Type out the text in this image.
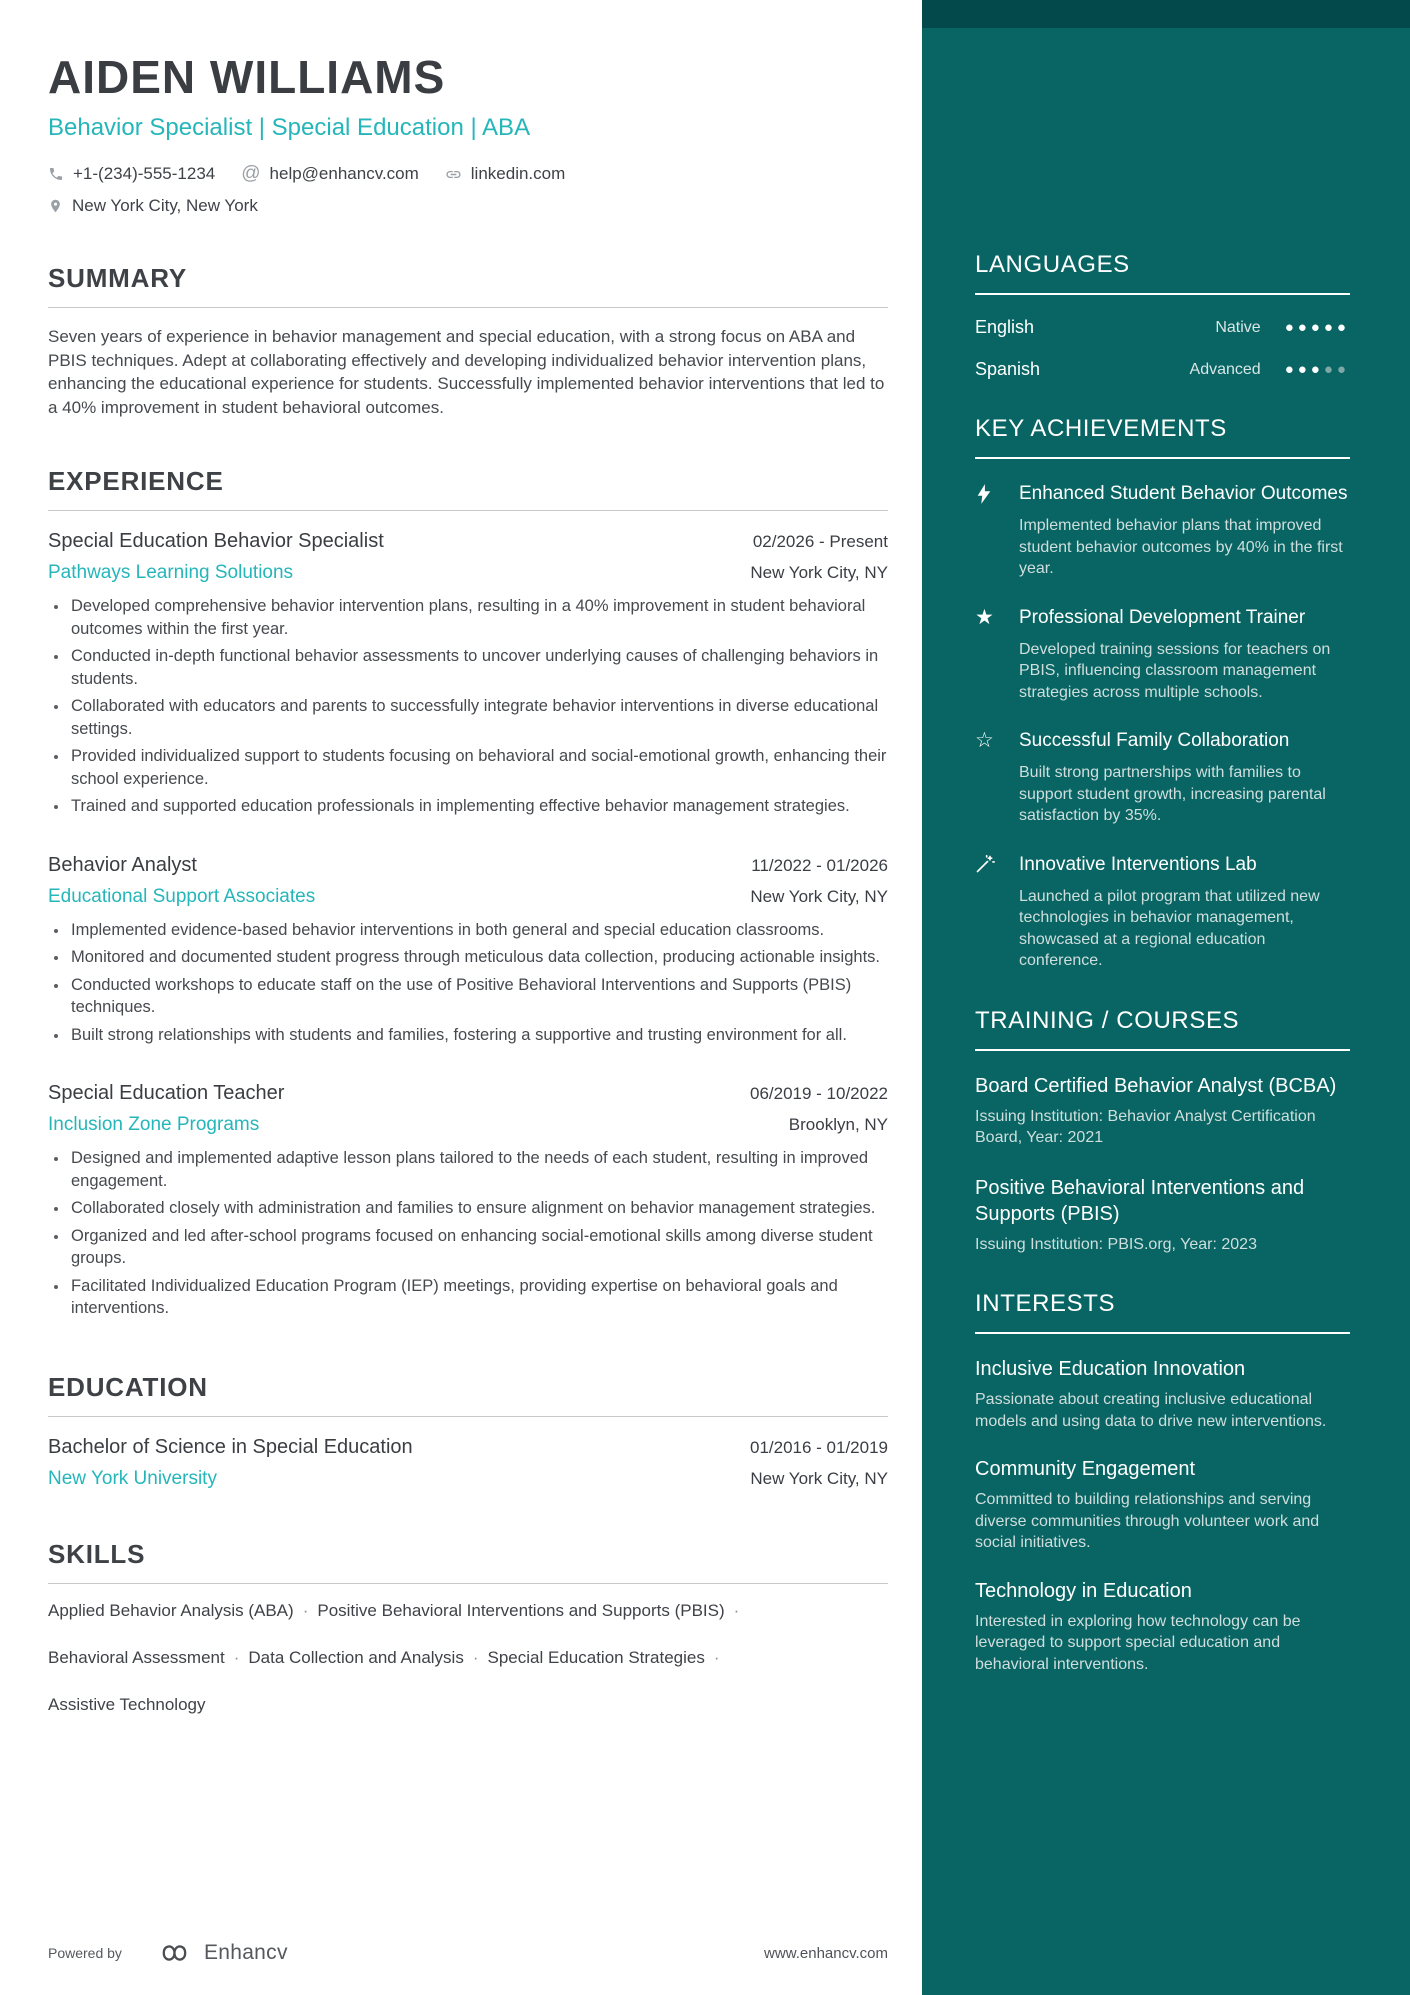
AIDEN WILLIAMS
Behavior Specialist | Special Education | ABA
+1-(234)-555-1234 @ help@enhancv.com	linkedin.com
New York City, New York
SUMMARY
Seven years of experience in behavior management and special education, with a strong focus on ABA and PBIS techniques. Adept at collaborating effectively and developing individualized behavior intervention plans, enhancing the educational experience for students. Successfully implemented behavior interventions that led to a 40% improvement in student behavioral outcomes.
EXPERIENCE
Special Education Behavior Specialist	02/2026 - Present
Pathways Learning Solutions	New York City, NY
• Developed comprehensive behavior intervention plans, resulting in a 40% improvement in student behavioral outcomes within the first year.
• Conducted in-depth functional behavior assessments to uncover underlying causes of challenging behaviors in students.
• Collaborated with educators and parents to successfully integrate behavior interventions in diverse educational settings.
• Provided individualized support to students focusing on behavioral and social-emotional growth, enhancing their school experience.
• Trained and supported education professionals in implementing effective behavior management strategies.
Behavior Analyst	11/2022 - 01/2026
Educational Support Associates	New York City, NY
• Implemented evidence-based behavior interventions in both general and special education classrooms.
• Monitored and documented student progress through meticulous data collection, producing actionable insights.
• Conducted workshops to educate staff on the use of Positive Behavioral Interventions and Supports (PBIS) techniques.
• Built strong relationships with students and families, fostering a supportive and trusting environment for all.
Special Education Teacher	06/2019 - 10/2022
Inclusion Zone Programs	Brooklyn, NY
• Designed and implemented adaptive lesson plans tailored to the needs of each student, resulting in improved engagement.
• Collaborated closely with administration and families to ensure alignment on behavior management strategies.
• Organized and led after-school programs focused on enhancing social-emotional skills among diverse student groups.
• Facilitated Individualized Education Program (IEP) meetings, providing expertise on behavioral goals and interventions.
EDUCATION
Bachelor of Science in Special Education	01/2016 - 01/2019
New York University	New York City, NY
SKILLS
Applied Behavior Analysis (ABA) · Positive Behavioral Interventions and Supports (PBIS) ·
Behavioral Assessment · Data Collection and Analysis · Special Education Strategies ·
Assistive Technology
Powered by	Enhancv	www.enhancv.com
LANGUAGES
English	Native ●●●●●
Spanish	Advanced ●●●●●
KEY ACHIEVEMENTS
Enhanced Student Behavior Outcomes
Implemented behavior plans that improved student behavior outcomes by 40% in the first year.
★	Professional Development Trainer
Developed training sessions for teachers on PBIS, influencing classroom management strategies across multiple schools.
☆	Successful Family Collaboration
Built strong partnerships with families to support student growth, increasing parental satisfaction by 35%.
Innovative Interventions Lab
Launched a pilot program that utilized new technologies in behavior management, showcased at a regional education conference.
TRAINING / COURSES
Board Certified Behavior Analyst (BCBA)
Issuing Institution: Behavior Analyst Certification Board, Year: 2021
Positive Behavioral Interventions and Supports (PBIS)
Issuing Institution: PBIS.org, Year: 2023
INTERESTS
Inclusive Education Innovation
Passionate about creating inclusive educational models and using data to drive new interventions.
Community Engagement
Committed to building relationships and serving diverse communities through volunteer work and social initiatives.
Technology in Education
Interested in exploring how technology can be leveraged to support special education and behavioral interventions.
